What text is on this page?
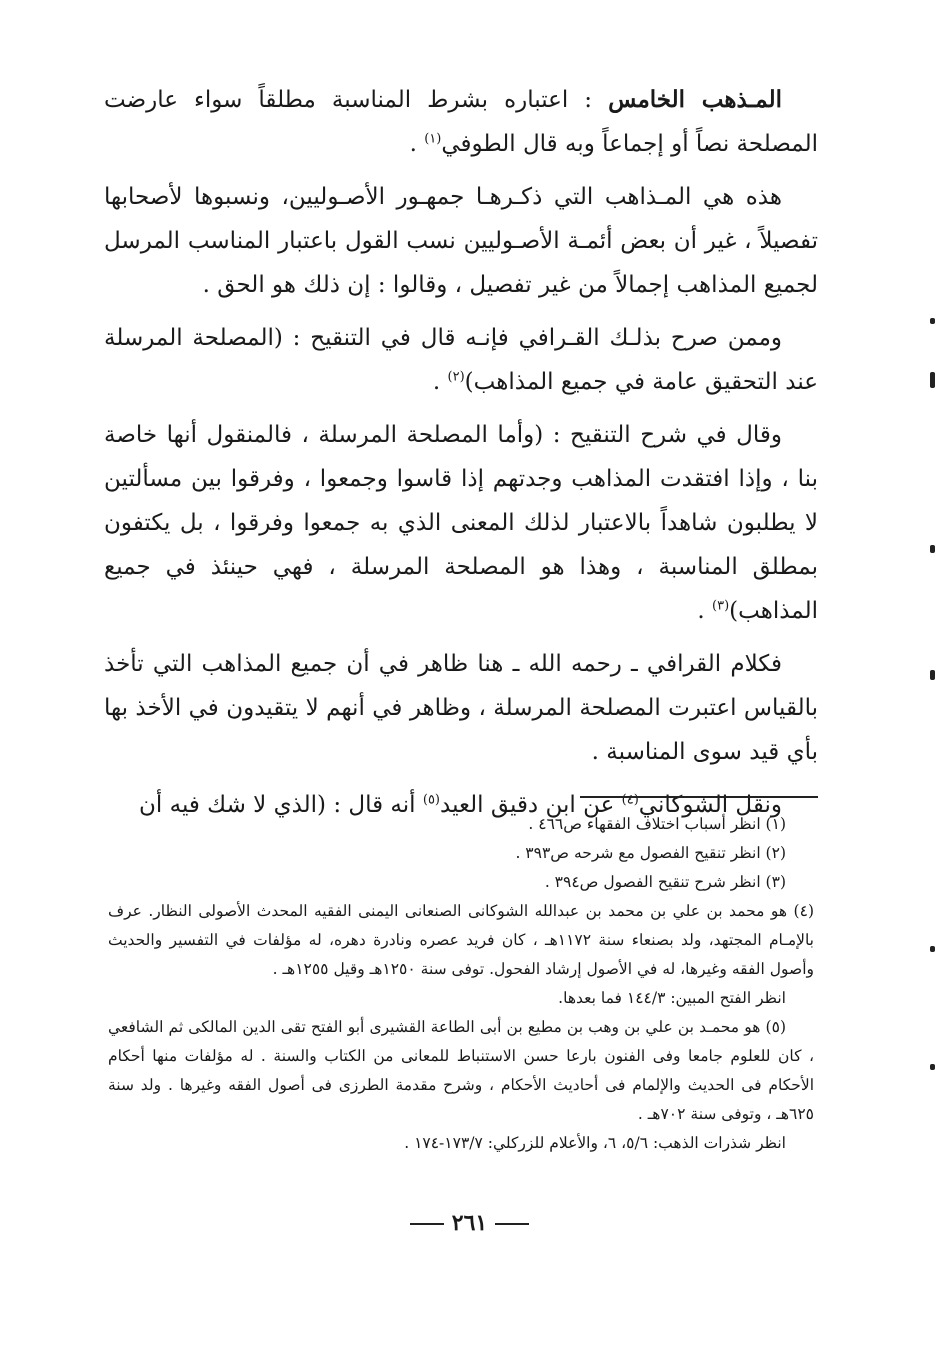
المـذهب الخامس : اعتباره بشرط المناسبة مطلقاً سواء عارضت المصلحة نصاً أو إجماعاً وبه قال الطوفي$^{(١)}$ .

هذه هي المـذاهب التي ذكـرهـا جمهـور الأصـوليين، ونسبوها لأصحابها تفصيلاً ، غير أن بعض أئمـة الأصـوليين نسب القول باعتبار المناسب المرسل لجميع المذاهب إجمالاً من غير تفصيل ، وقالوا : إن ذلك هو الحق .

وممن صرح بذلـك القـرافي فإنـه قال في التنقيح : (المصلحة المرسلة عند التحقيق عامة في جميع المذاهب)$^{(٢)}$ .

وقال في شرح التنقيح : (وأما المصلحة المرسلة ، فالمنقول أنها خاصة بنا ، وإذا افتقدت المذاهب وجدتهم إذا قاسوا وجمعوا ، وفرقوا بين مسألتين لا يطلبون شاهداً بالاعتبار لذلك المعنى الذي به جمعوا وفرقوا ، بل يكتفون بمطلق المناسبة ، وهذا هو المصلحة المرسلة ، فهي حينئذ في جميع المذاهب)$^{(٣)}$ .

فكلام القرافي ـ رحمه الله ـ هنا ظاهر في أن جميع المذاهب التي تأخذ بالقياس اعتبرت المصلحة المرسلة ، وظاهر في أنهم لا يتقيدون في الأخذ بها بأي قيد سوى المناسبة .

ونقل الشوكاني$^{(٤)}$ عن ابن دقيق العيد$^{(٥)}$ أنه قال : (الذي لا شك فيه أن

(١) انظر أسباب اختلاف الفقهاء ص٤٦٦ .

(٢) انظر تنقيح الفصول مع شرحه ص٣٩٣ .

(٣) انظر شرح تنقيح الفصول ص٣٩٤ .

(٤) هو محمد بن علي بن محمد بن عبدالله الشوكانى الصنعانى اليمنى الفقيه المحدث الأصولى النظار. عرف بالإمـام المجتهد، ولد بصنعاء سنة ١١٧٢هـ ، كان فريد عصره ونادرة دهره، له مؤلفات في التفسير والحديث وأصول الفقه وغيرها، له في الأصول إرشاد الفحول. توفى سنة ١٢٥٠هـ وقيل ١٢٥٥هـ .

انظر الفتح المبين: ١٤٤/٣ فما بعدها.

(٥) هو محمـد بن علي بن وهب بن مطيع بن أبى الطاعة القشيرى أبو الفتح تقى الدين المالكى ثم الشافعي ، كان للعلوم جامعا وفى الفنون بارعا حسن الاستنباط للمعانى من الكتاب والسنة . له مؤلفات منها أحكام الأحكام فى الحديث والإلمام فى أحاديث الأحكام ، وشرح مقدمة الطرزى فى أصول الفقه وغيرها . ولد سنة ٦٢٥هـ ، وتوفى سنة ٧٠٢هـ .

انظر شذرات الذهب: ٥/٦، ٦، والأعلام للزركلي: ١٧٣/٧-١٧٤ .

٢٦١
